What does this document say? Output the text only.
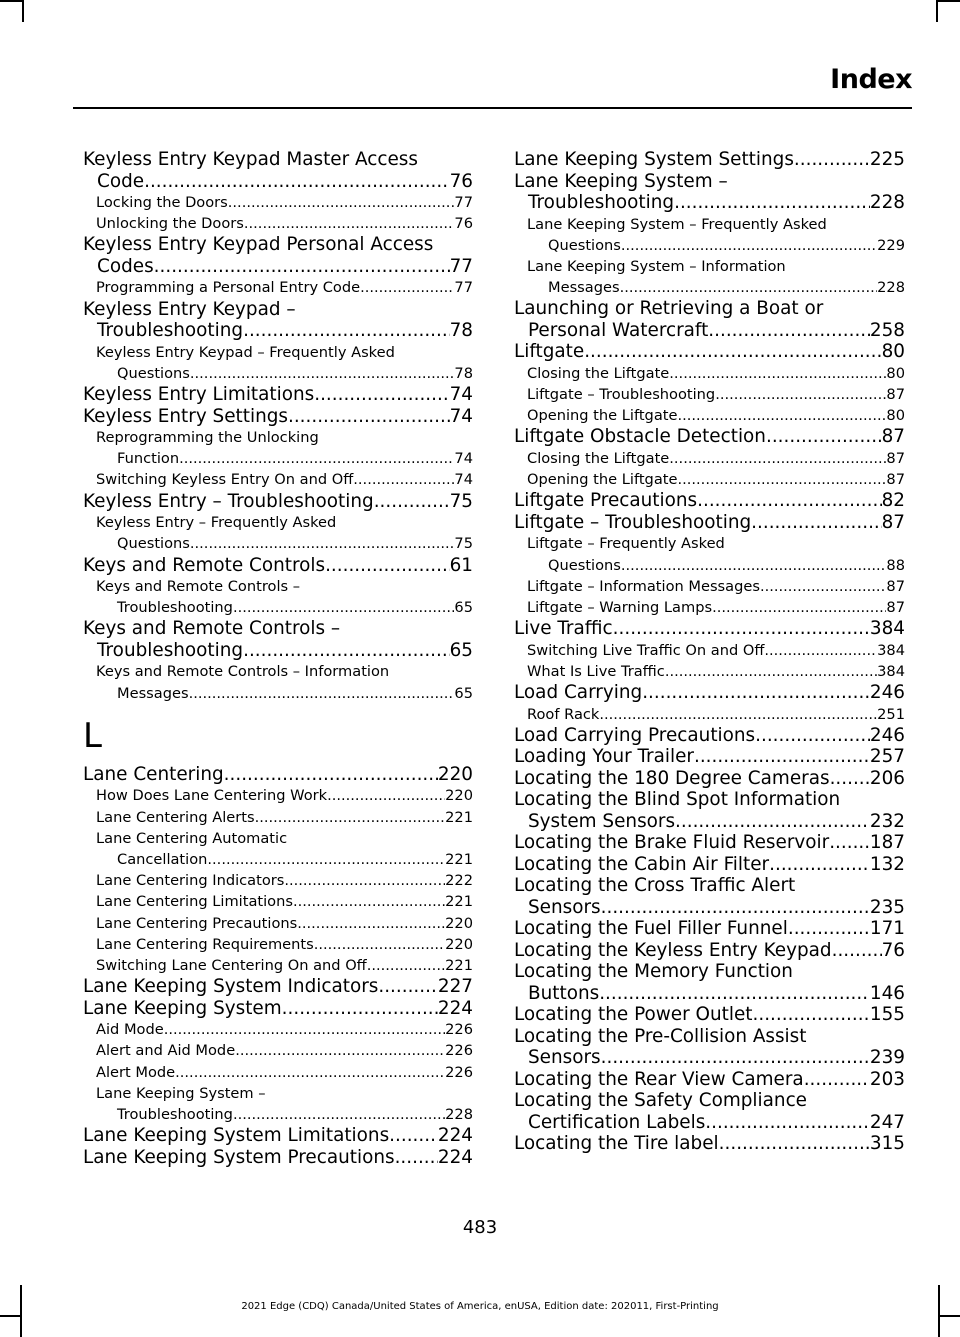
Index
Keyless Entry Keypad Master Access
Code .....	76
Locking the Doors .....	77
Unlocking the Doors .....	76
Keyless Entry Keypad Personal Access
Codes .....	77
Programming a Personal Entry Code .....	77
Keyless Entry Keypad –
Troubleshooting .....	78
Keyless Entry Keypad – Frequently Asked
Questions .....	78
Keyless Entry Limitations .....	74
Keyless Entry Settings .....	74
Reprogramming the Unlocking
Function .....	74
Switching Keyless Entry On and Off .....	74
Keyless Entry – Troubleshooting .....	75
Keyless Entry – Frequently Asked
Questions .....	75
Keys and Remote Controls .....	61
Keys and Remote Controls –
Troubleshooting .....	65
Keys and Remote Controls –
Troubleshooting .....	65
Keys and Remote Controls – Information
Messages .....	65
L
Lane Centering .....	220
How Does Lane Centering Work .....	220
Lane Centering Alerts .....	221
Lane Centering Automatic
Cancellation .....	221
Lane Centering Indicators .....	222
Lane Centering Limitations .....	221
Lane Centering Precautions .....	220
Lane Centering Requirements .....	220
Switching Lane Centering On and Off .....	221
Lane Keeping System Indicators .....	227
Lane Keeping System .....	224
Aid Mode .....	226
Alert and Aid Mode .....	226
Alert Mode .....	226
Lane Keeping System –
Troubleshooting .....	228
Lane Keeping System Limitations .....	224
Lane Keeping System Precautions ..... 224
Lane Keeping System Settings .....	225
Lane Keeping System –
Troubleshooting .....	228
Lane Keeping System – Frequently Asked
Questions .....	229
Lane Keeping System – Information
Messages .....	228
Launching or Retrieving a Boat or
Personal Watercraft .....	258
Liftgate .....	80
Closing the Liftgate .....	80
Liftgate – Troubleshooting .....	87
Opening the Liftgate .....	80
Liftgate Obstacle Detection .....	87
Closing the Liftgate .....	87
Opening the Liftgate .....	87
Liftgate Precautions .....	82
Liftgate – Troubleshooting .....	87
Liftgate – Frequently Asked
Questions .....	88
Liftgate – Information Messages .....	87
Liftgate – Warning Lamps .....	87
Live Traffic .....	384
Switching Live Traffic On and Off .....	384
What Is Live Traffic .....	384
Load Carrying .....	246
Roof Rack .....	251
Load Carrying Precautions .....	246
Loading Your Trailer .....	257
Locating the 180 Degree Cameras ..... 206
Locating the Blind Spot Information
System Sensors .....	232
Locating the Brake Fluid Reservoir ..... 187
Locating the Cabin Air Filter .....	132
Locating the Cross Traffic Alert
Sensors .....	235
Locating the Fuel Filler Funnel .....	171
Locating the Keyless Entry Keypad .....	76
Locating the Memory Function
Buttons .....	146
Locating the Power Outlet .....	155
Locating the Pre-Collision Assist
Sensors .....	239
Locating the Rear View Camera .....	203
Locating the Safety Compliance
Certification Labels .....	247
Locating the Tire label .....	315
483
2021 Edge (CDQ) Canada/United States of America, enUSA, Edition date: 202011, First-Printing
